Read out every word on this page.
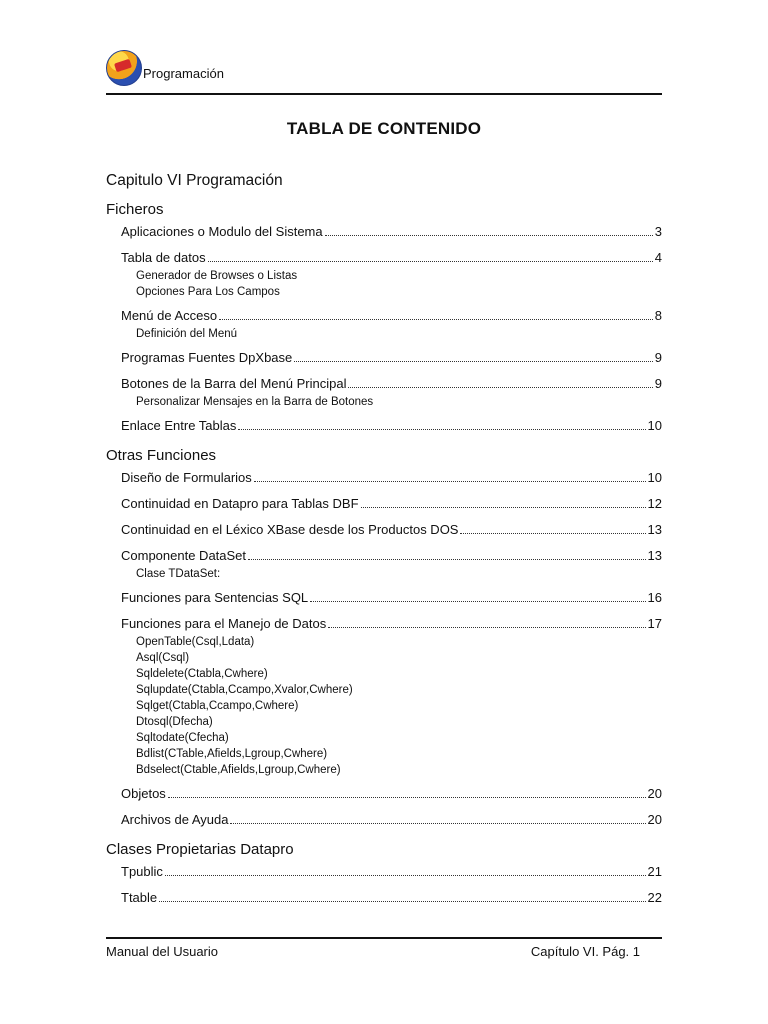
Programación
TABLA DE CONTENIDO
Capitulo VI Programación
Ficheros
Aplicaciones o Modulo del Sistema	3
Tabla de datos	4
Generador de Browses o Listas
Opciones Para Los Campos
Menú de Acceso	8
Definición del Menú
Programas Fuentes DpXbase	9
Botones de la Barra del Menú Principal	9
Personalizar Mensajes en la Barra de Botones
Enlace Entre Tablas	10
Otras Funciones
Diseño de Formularios	10
Continuidad en Datapro para Tablas DBF	12
Continuidad en el Léxico XBase desde los Productos DOS	13
Componente DataSet	13
Clase TDataSet:
Funciones para Sentencias SQL	16
Funciones para el Manejo de Datos	17
OpenTable(Csql,Ldata)
Asql(Csql)
Sqldelete(Ctabla,Cwhere)
Sqlupdate(Ctabla,Ccampo,Xvalor,Cwhere)
Sqlget(Ctabla,Ccampo,Cwhere)
Dtosql(Dfecha)
Sqltodate(Cfecha)
Bdlist(CTable,Afields,Lgroup,Cwhere)
Bdselect(Ctable,Afields,Lgroup,Cwhere)
Objetos	20
Archivos de Ayuda	20
Clases Propietarias Datapro
Tpublic	21
Ttable	22
Manual del Usuario	Capítulo VI. Pág. 1
